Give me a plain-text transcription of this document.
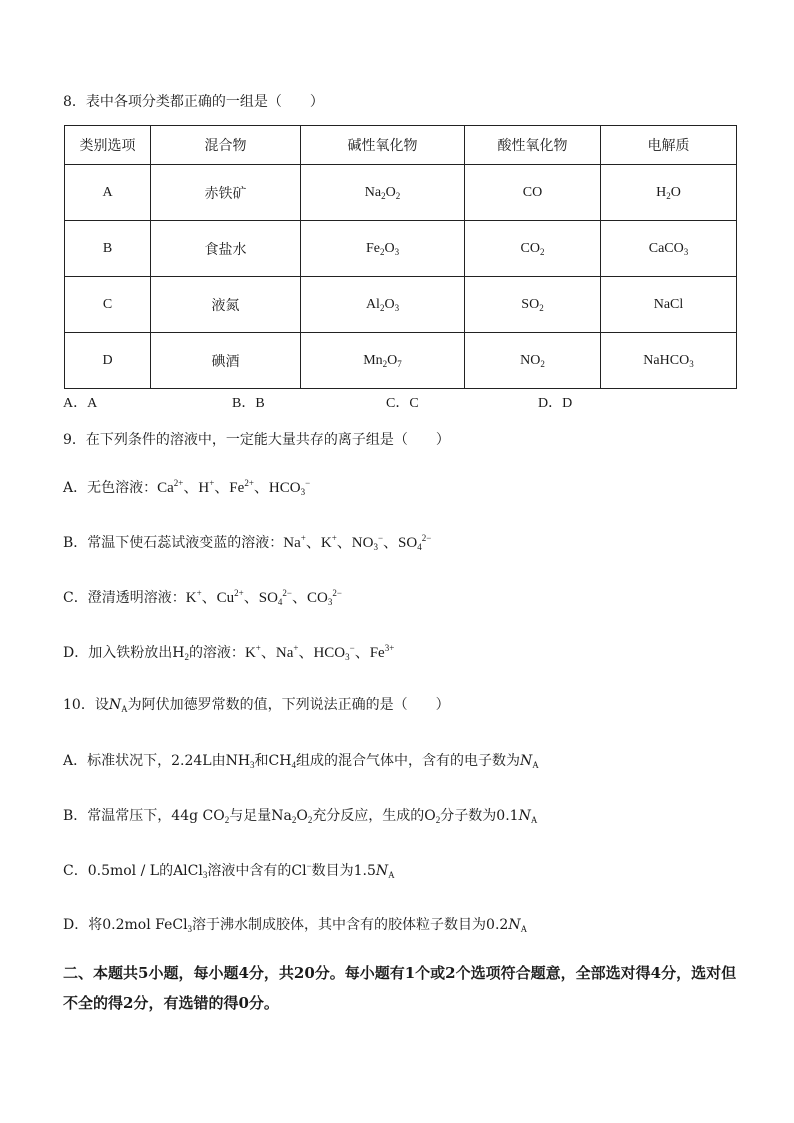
8．表中各项分类都正确的一组是（　　）
类别选项	混合物	碱性氧化物	酸性氧化物	电解质
A	赤铁矿	$Na_2O_2$	CO	$H_2O$
B	食盐水	$Fe_2O_3$	$CO_2$	CaCO$_3$
C	液氮	$Al_2O_3$	$SO_2$	NaCl
D	碘酒	$Mn_2O_7$	$NO_2$	NaHCO$_3$
A．A	B．B	C．C	D．D
9．在下列条件的溶液中，一定能大量共存的离子组是（　　）
A．无色溶液：$Ca^{2+}$、H+、$Fe^{2+}$、$HCO_3^-$
B．常温下使石蕊试液变蓝的溶液：Na+、K+、$NO_3^-$、$SO_4^{2-}$
C．澄清透明溶液：K+、$Cu^{2+}$、$SO_4^{2-}$、$CO_3^{2-}$
D．加入铁粉放出$H_2$的溶液：K+、Na+、$HCO_3^-$、$Fe^{3+}$
10．设$N_A$为阿伏加德罗常数的值，下列说法正确的是（　　）
A．标准状况下，2.24L由$NH_3$和$CH_4$组成的混合气体中，含有的电子数为$N_A$
B．常温常压下，44g $CO_2$与足量$Na_2O_2$充分反应，生成的$O_2$分子数为$0.1N_A$
C．0.5mol / L的AlCl$_3$溶液中含有的Cl−数目为$1.5N_A$
D．将0.2mol FeCl$_3$溶于沸水制成胶体，其中含有的胶体粒子数目为$0.2N_A$
二、本题共5小题，每小题4分，共20分。每小题有1个或2个选项符合题意，全部选对得4分，选对但不全的得2分，有选错的得0分。
